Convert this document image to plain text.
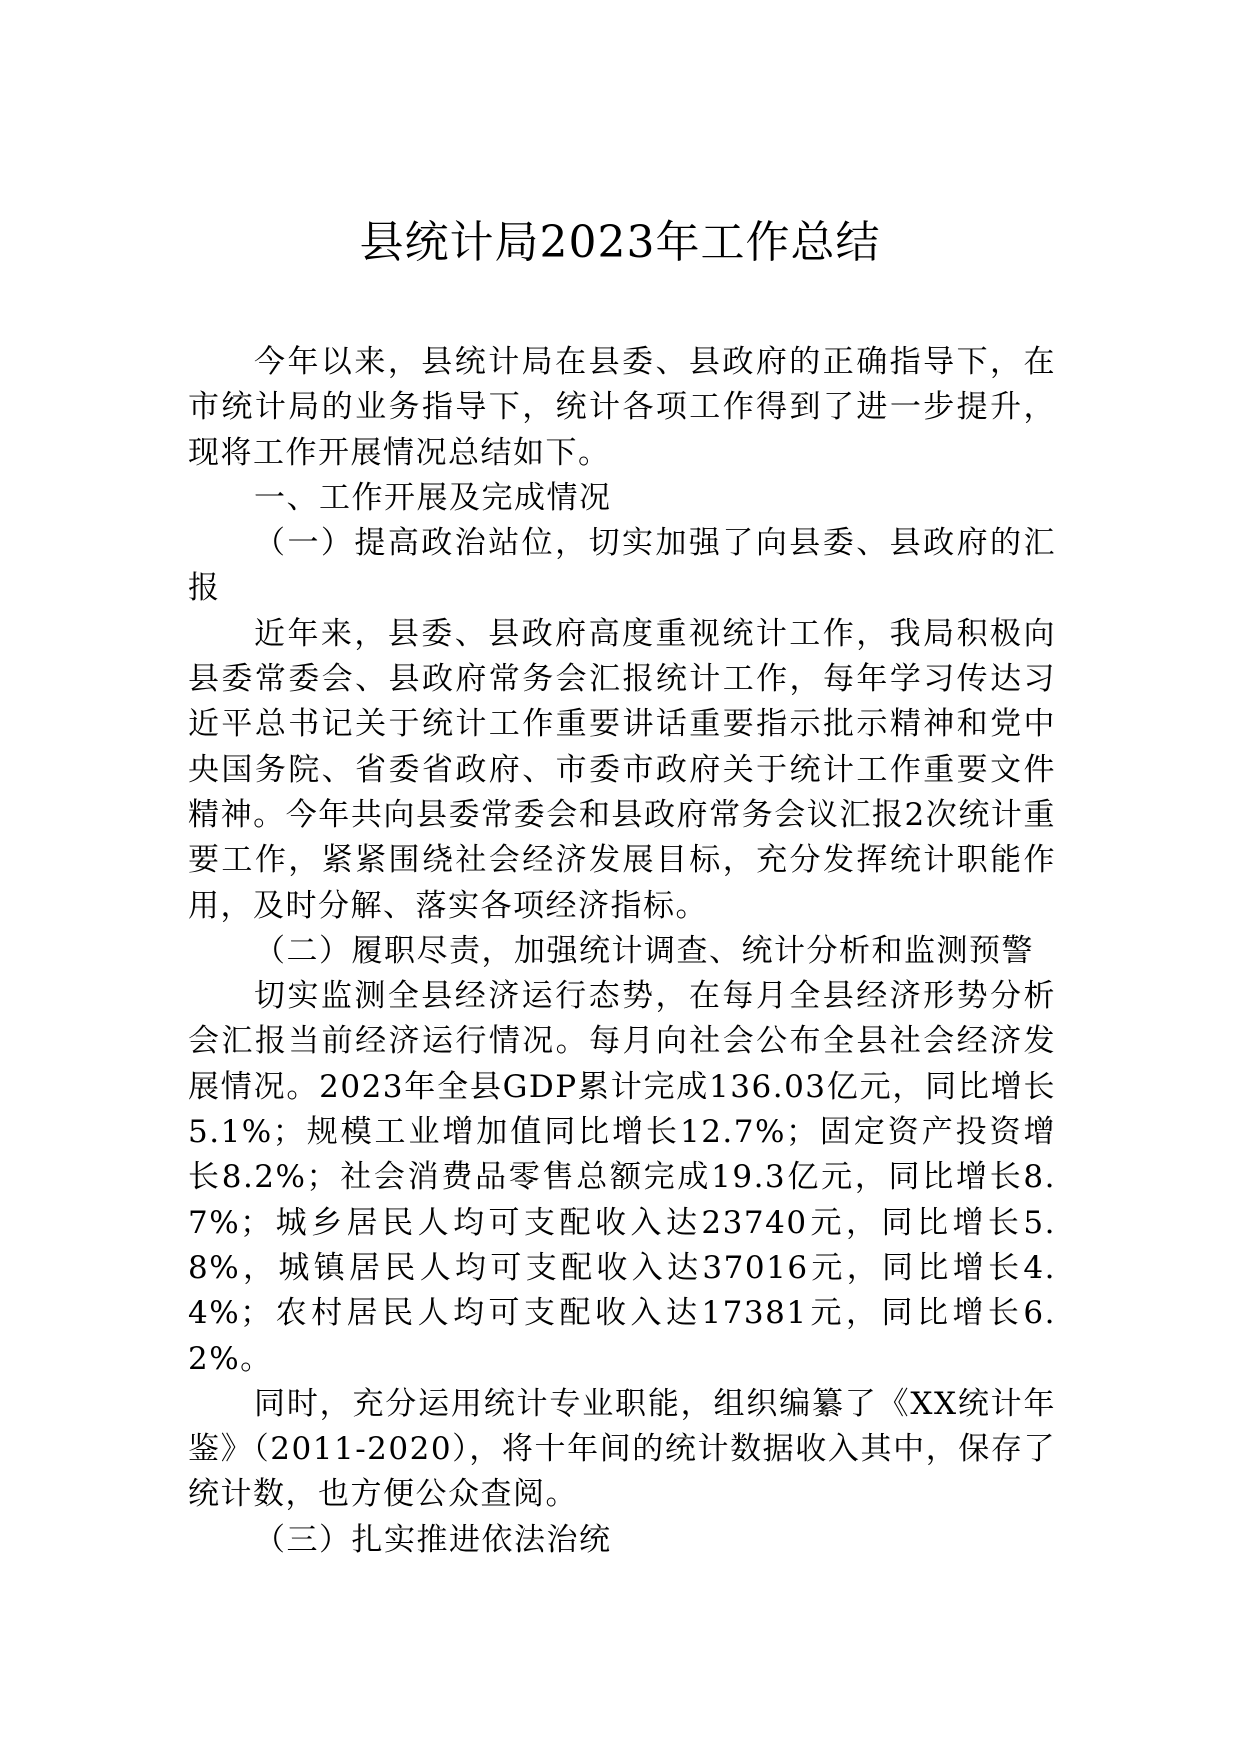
县统计局2023年工作总结

今年以来，县统计局在县委、县政府的正确指导下，在市统计局的业务指导下，统计各项工作得到了进一步提升，现将工作开展情况总结如下。

一、工作开展及完成情况

（一）提高政治站位，切实加强了向县委、县政府的汇报

近年来，县委、县政府高度重视统计工作，我局积极向县委常委会、县政府常务会汇报统计工作，每年学习传达习近平总书记关于统计工作重要讲话重要指示批示精神和党中央国务院、省委省政府、市委市政府关于统计工作重要文件精神。今年共向县委常委会和县政府常务会议汇报2次统计重要工作，紧紧围绕社会经济发展目标，充分发挥统计职能作用，及时分解、落实各项经济指标。

（二）履职尽责，加强统计调查、统计分析和监测预警

切实监测全县经济运行态势，在每月全县经济形势分析会汇报当前经济运行情况。每月向社会公布全县社会经济发展情况。2023年全县GDP累计完成136.03亿元，同比增长5.1%；规模工业增加值同比增长12.7%；固定资产投资增长8.2%；社会消费品零售总额完成19.3亿元，同比增长8.7%；城乡居民人均可支配收入达23740元，同比增长5.8%，城镇居民人均可支配收入达37016元，同比增长4.4%；农村居民人均可支配收入达17381元，同比增长6.2%。

同时，充分运用统计专业职能，组织编纂了《XX统计年鉴》（2011-2020），将十年间的统计数据收入其中，保存了统计数，也方便公众查阅。

（三）扎实推进依法治统
